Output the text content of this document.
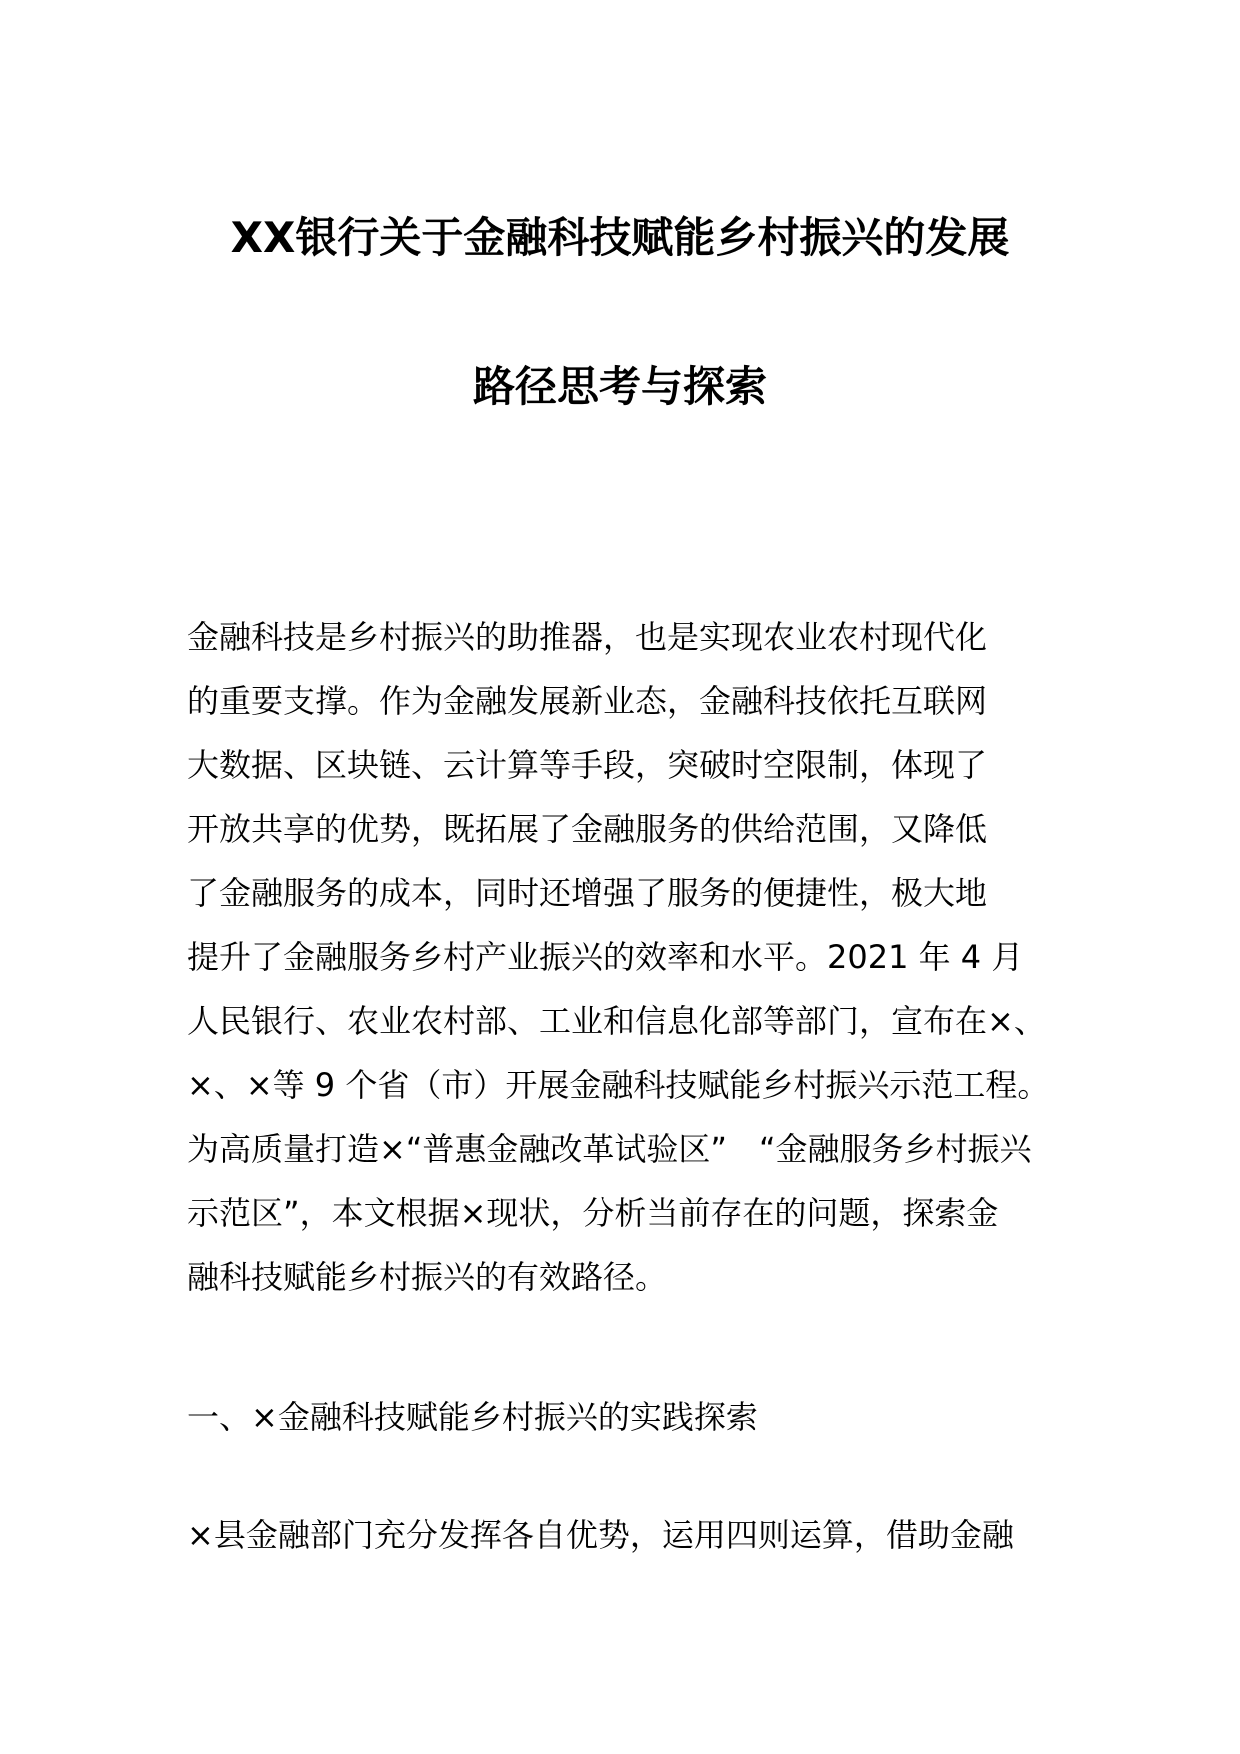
XX银行关于金融科技赋能乡村振兴的发展
路径思考与探索
金融科技是乡村振兴的助推器，也是实现农业农村现代化
的重要支撑。作为金融发展新业态，金融科技依托互联网
大数据、区块链、云计算等手段，突破时空限制，体现了
开放共享的优势，既拓展了金融服务的供给范围，又降低
了金融服务的成本，同时还增强了服务的便捷性，极大地
提升了金融服务乡村产业振兴的效率和水平。2021 年 4 月
人民银行、农业农村部、工业和信息化部等部门，宣布在×、
×、×等 9 个省（市）开展金融科技赋能乡村振兴示范工程。
为高质量打造×“普惠金融改革试验区”　“金融服务乡村振兴
示范区”，本文根据×现状，分析当前存在的问题，探索金
融科技赋能乡村振兴的有效路径。
一、×金融科技赋能乡村振兴的实践探索
×县金融部门充分发挥各自优势，运用四则运算，借助金融
